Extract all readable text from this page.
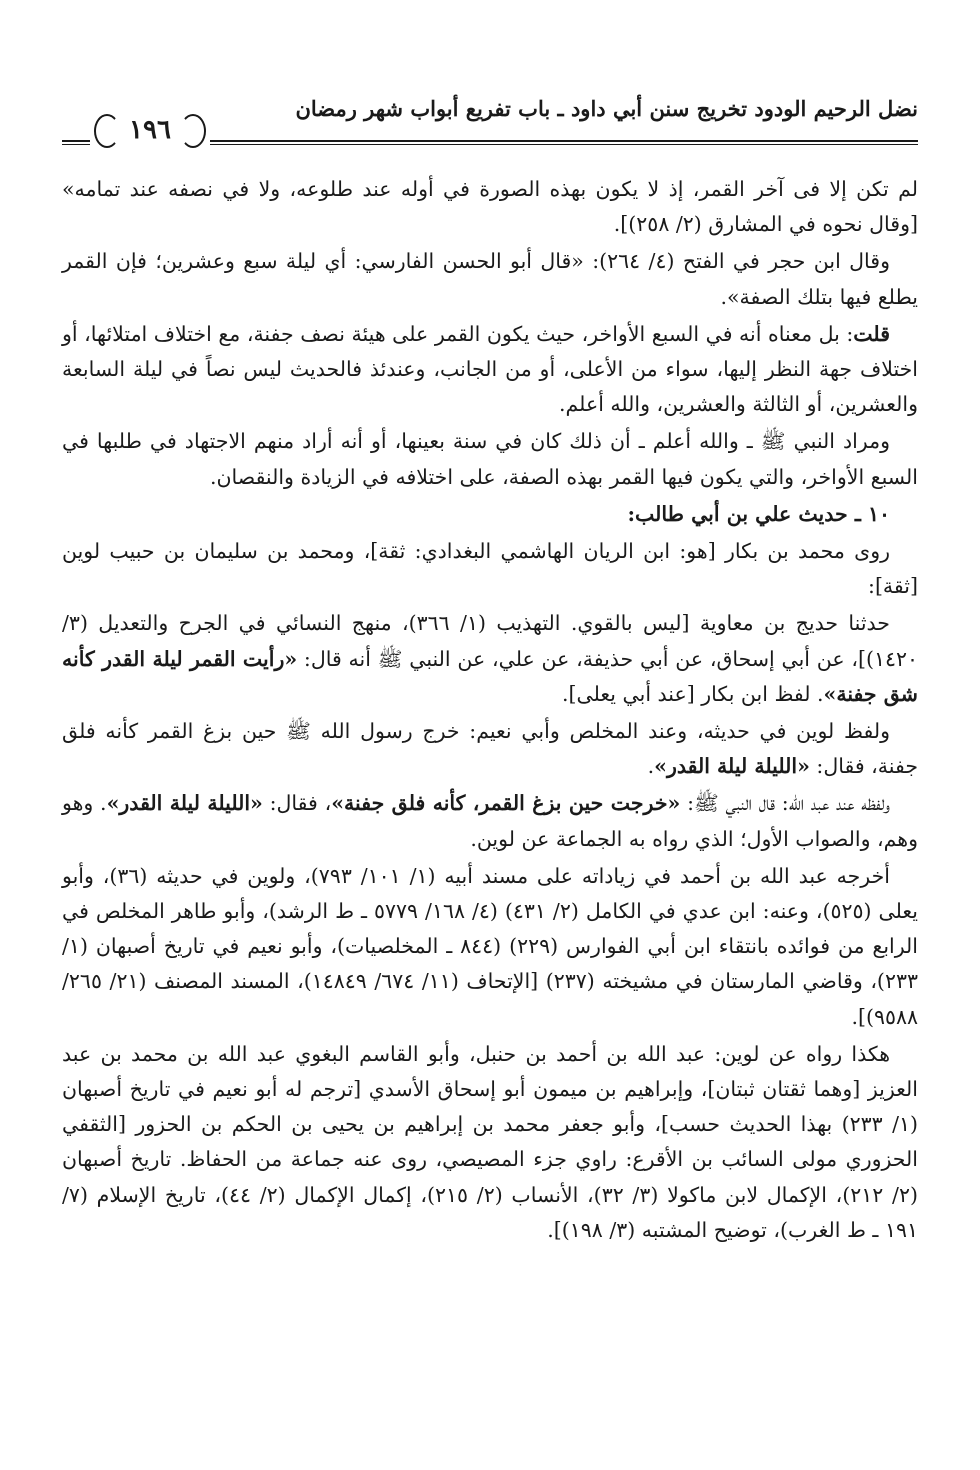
نضل الرحيم الودود تخريج سنن أبي داود ـ باب تفريع أبواب شهر رمضان
١٩٦

لم تكن إلا فى آخر القمر، إذ لا يكون بهذه الصورة في أوله عند طلوعه، ولا في نصفه عند تمامه» [وقال نحوه في المشارق (٢/ ٢٥٨)].

وقال ابن حجر في الفتح (٤/ ٢٦٤): «قال أبو الحسن الفارسي: أي ليلة سبع وعشرين؛ فإن القمر يطلع فيها بتلك الصفة».

قلت: بل معناه أنه في السبع الأواخر، حيث يكون القمر على هيئة نصف جفنة، مع اختلاف امتلائها، أو اختلاف جهة النظر إليها، سواء من الأعلى، أو من الجانب، وعندئذ فالحديث ليس نصاً في ليلة السابعة والعشرين، أو الثالثة والعشرين، والله أعلم.

ومراد النبي ﷺ ـ والله أعلم ـ أن ذلك كان في سنة بعينها، أو أنه أراد منهم الاجتهاد في طلبها في السبع الأواخر، والتي يكون فيها القمر بهذه الصفة، على اختلافه في الزيادة والنقصان.

١٠ ـ حديث علي بن أبي طالب:

روى محمد بن بكار [هو: ابن الريان الهاشمي البغدادي: ثقة]، ومحمد بن سليمان بن حبيب لوين [ثقة]:

حدثنا حديج بن معاوية [ليس بالقوي. التهذيب (١/ ٣٦٦)، منهج النسائي في الجرح والتعديل (٣/ ١٤٢٠)]، عن أبي إسحاق، عن أبي حذيفة، عن علي، عن النبي ﷺ أنه قال: «رأيت القمر ليلة القدر كأنه شق جفنة». لفظ ابن بكار [عند أبي يعلى].

ولفظ لوين في حديثه، وعند المخلص وأبي نعيم: خرج رسول الله ﷺ حين بزغ القمر كأنه فلق جفنة، فقال: «الليلة ليلة القدر».

ولفظه عند عبد الله: قال النبي ﷺ: «خرجت حين بزغ القمر، كأنه فلق جفنة»، فقال: «الليلة ليلة القدر». وهو وهم، والصواب الأول؛ الذي رواه به الجماعة عن لوين.

أخرجه عبد الله بن أحمد في زياداته على مسند أبيه (١/ ١٠١/ ٧٩٣)، ولوين في حديثه (٣٦)، وأبو يعلى (٥٢٥)، وعنه: ابن عدي في الكامل (٢/ ٤٣١) (٤/ ١٦٨/ ٥٧٧٩ ـ ط الرشد)، وأبو طاهر المخلص في الرابع من فوائده بانتقاء ابن أبي الفوارس (٢٢٩) (٨٤٤ ـ المخلصيات)، وأبو نعيم في تاريخ أصبهان (١/ ٢٣٣)، وقاضي المارستان في مشيخته (٢٣٧) [الإتحاف (١١/ ٦٧٤/ ١٤٨٤٩)، المسند المصنف (٢١/ ٢٦٥/ ٩٥٨٨)].

هكذا رواه عن لوين: عبد الله بن أحمد بن حنبل، وأبو القاسم البغوي عبد الله بن محمد بن عبد العزيز [وهما ثقتان ثبتان]، وإبراهيم بن ميمون أبو إسحاق الأسدي [ترجم له أبو نعيم في تاريخ أصبهان (١/ ٢٣٣) بهذا الحديث حسب]، وأبو جعفر محمد بن إبراهيم بن يحيى بن الحكم بن الحزور [الثقفي الحزوري مولى السائب بن الأقرع: راوي جزء المصيصي، روى عنه جماعة من الحفاظ. تاريخ أصبهان (٢/ ٢١٢)، الإكمال لابن ماكولا (٣/ ٣٢)، الأنساب (٢/ ٢١٥)، إكمال الإكمال (٢/ ٤٤)، تاريخ الإسلام (٧/ ١٩١ ـ ط الغرب)، توضيح المشتبه (٣/ ١٩٨)].
